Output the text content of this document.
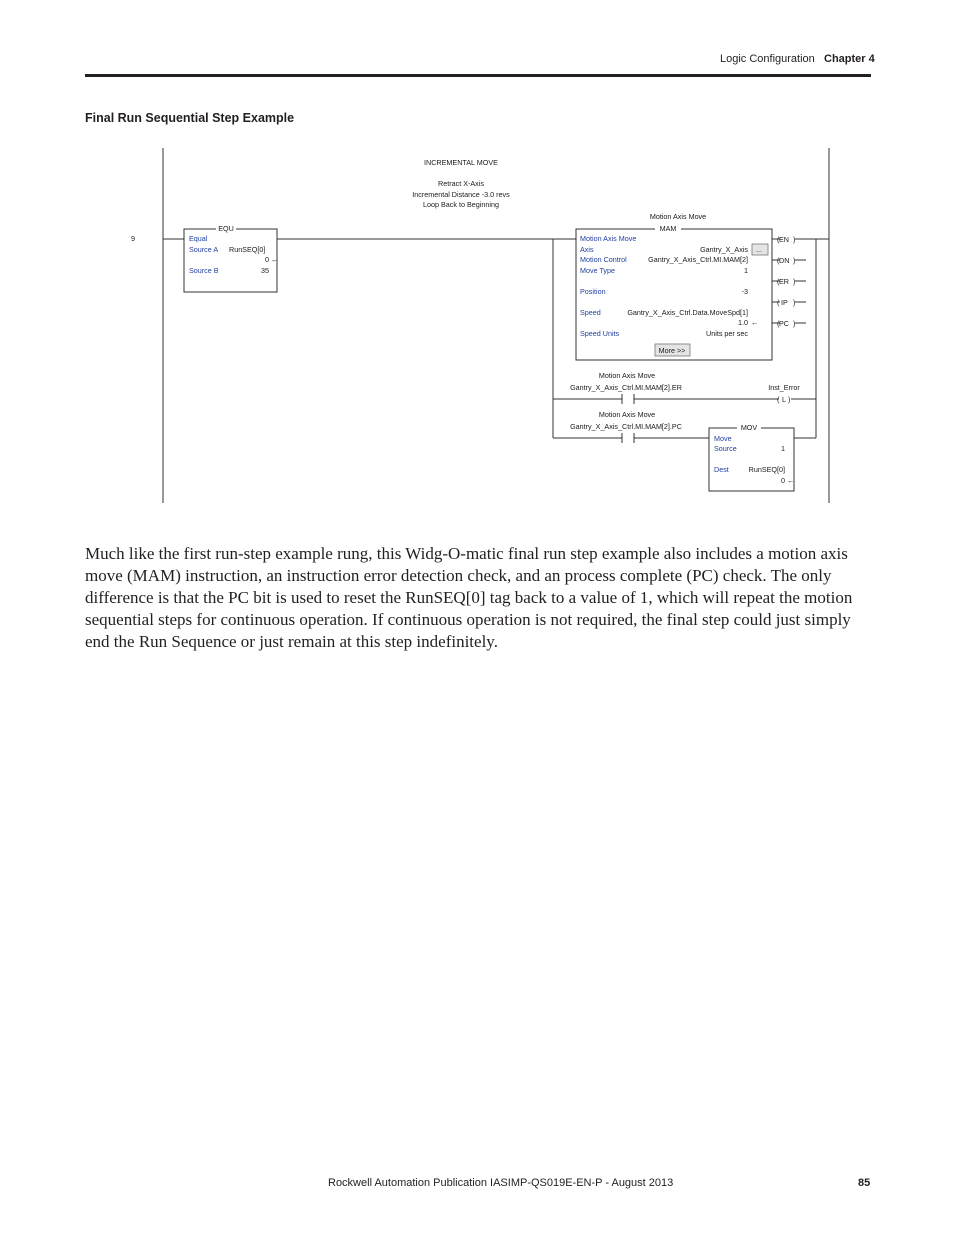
Logic Configuration Chapter 4
Final Run Sequential Step Example
( EN )
( DN )
( ER )
( IP )
( PC )
( L )
9
INCREMENTAL MOVE
Retract X-Axis
Incremental Distance -3.0 revs
Loop Back to Beginning
EQU
Equal
Source A RunSEQ[0]
0 ←
Source B	35
Motion Axis Move
MAM
Motion Axis Move
Axis	Gantry_X_Axis ...
Motion Control	Gantry_X_Axis_Ctrl.MI.MAM[2]
Move Type	1
Position	-3
Speed	Gantry_X_Axis_Ctrl.Data.MoveSpd[1]
1.0 ←
Speed Units	Units per sec
More >>
Motion Axis Move
Gantry_X_Axis_Ctrl.MI.MAM[2].ER	Inst_Error
Motion Axis Move
Gantry_X_Axis_Ctrl.MI.MAM[2].PC	MOV
Move
Source	1
Dest	RunSEQ[0]
0 ←

Much like the first run-step example rung, this Widg-O-matic final run step example also includes a motion axis move (MAM) instruction, an instruction error detection check, and an process complete (PC) check. The only difference is that the PC bit is used to reset the RunSEQ[0] tag back to a value of 1, which will repeat the motion sequential steps for continuous operation. If continuous operation is not required, the final step could just simply end the Run Sequence or just remain at this step indefinitely.

Rockwell Automation Publication IASIMP-QS019E-EN-P - August 2013	85
